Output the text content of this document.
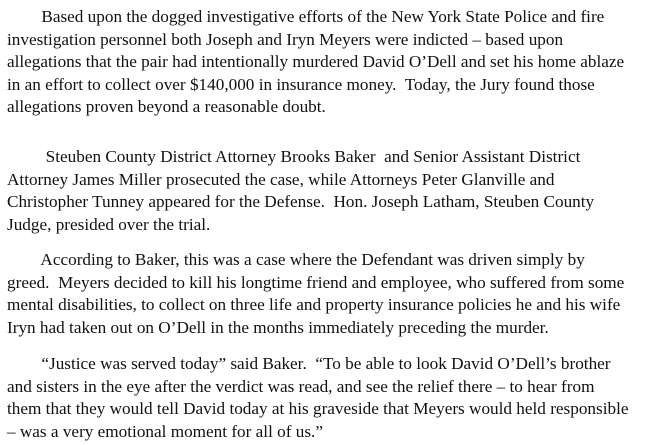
Based upon the dogged investigative efforts of the New York State Police and fire
investigation personnel both Joseph and Iryn Meyers were indicted – based upon
allegations that the pair had intentionally murdered David O’Dell and set his home ablaze
in an effort to collect over $140,000 in insurance money.  Today, the Jury found those
allegations proven beyond a reasonable doubt.
Steuben County District Attorney Brooks Baker  and Senior Assistant District
Attorney James Miller prosecuted the case, while Attorneys Peter Glanville and
Christopher Tunney appeared for the Defense.  Hon. Joseph Latham, Steuben County
Judge, presided over the trial.
According to Baker, this was a case where the Defendant was driven simply by
greed.  Meyers decided to kill his longtime friend and employee, who suffered from some
mental disabilities, to collect on three life and property insurance policies he and his wife
Iryn had taken out on O’Dell in the months immediately preceding the murder.
“Justice was served today” said Baker.  “To be able to look David O’Dell’s brother
and sisters in the eye after the verdict was read, and see the relief there – to hear from
them that they would tell David today at his graveside that Meyers would held responsible
– was a very emotional moment for all of us.”
